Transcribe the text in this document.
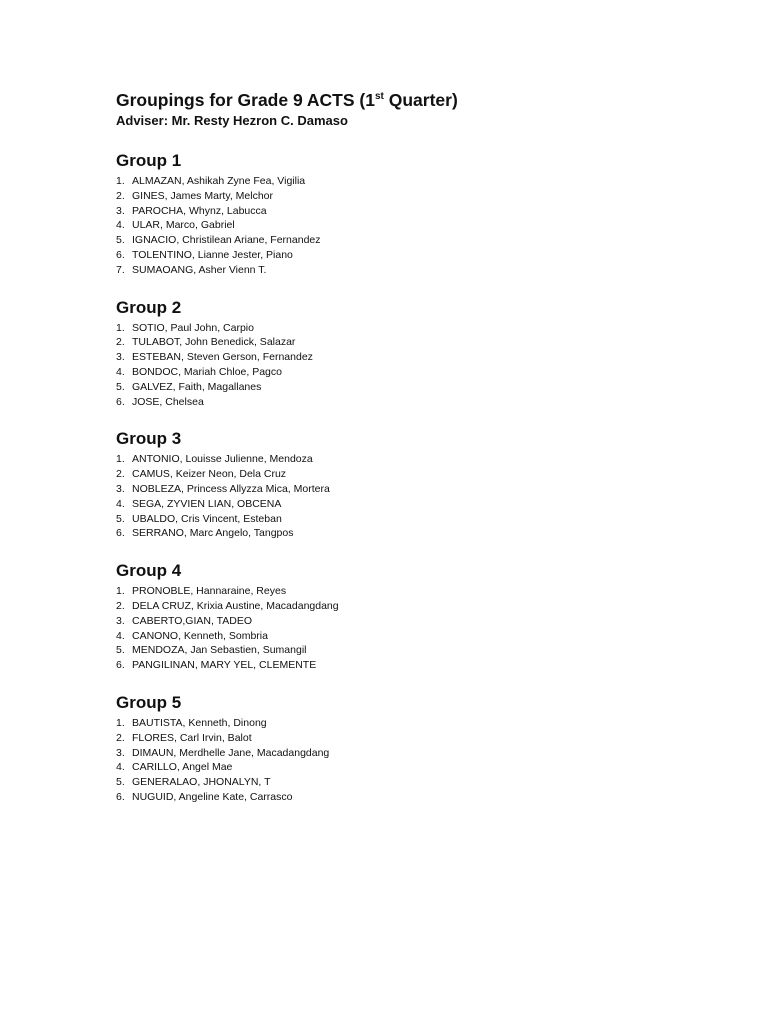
Groupings for Grade 9 ACTS (1st Quarter)

Adviser: Mr. Resty Hezron C. Damaso

Group 1
1. ALMAZAN, Ashikah Zyne Fea, Vigilia
2. GINES, James Marty, Melchor
3. PAROCHA, Whynz, Labucca
4. ULAR, Marco, Gabriel
5. IGNACIO, Christilean Ariane, Fernandez
6. TOLENTINO, Lianne Jester, Piano
7. SUMAOANG, Asher Vienn T.
Group 2
1. SOTIO, Paul John, Carpio
2. TULABOT, John Benedick, Salazar
3. ESTEBAN, Steven Gerson, Fernandez
4. BONDOC, Mariah Chloe, Pagco
5. GALVEZ, Faith, Magallanes
6. JOSE, Chelsea
Group 3
1. ANTONIO, Louisse Julienne, Mendoza
2. CAMUS, Keizer Neon, Dela Cruz
3. NOBLEZA, Princess Allyzza Mica, Mortera
4. SEGA, ZYVIEN LIAN, OBCENA
5. UBALDO, Cris Vincent, Esteban
6. SERRANO, Marc Angelo, Tangpos
Group 4
1. PRONOBLE, Hannaraine, Reyes
2. DELA CRUZ, Krixia Austine, Macadangdang
3. CABERTO,GIAN, TADEO
4. CANONO, Kenneth, Sombria
5. MENDOZA, Jan Sebastien, Sumangil
6. PANGILINAN, MARY YEL, CLEMENTE
Group 5
1. BAUTISTA, Kenneth, Dinong
2. FLORES, Carl Irvin, Balot
3. DIMAUN, Merdhelle Jane, Macadangdang
4. CARILLO, Angel Mae
5. GENERALAO, JHONALYN, T
6. NUGUID, Angeline Kate, Carrasco
